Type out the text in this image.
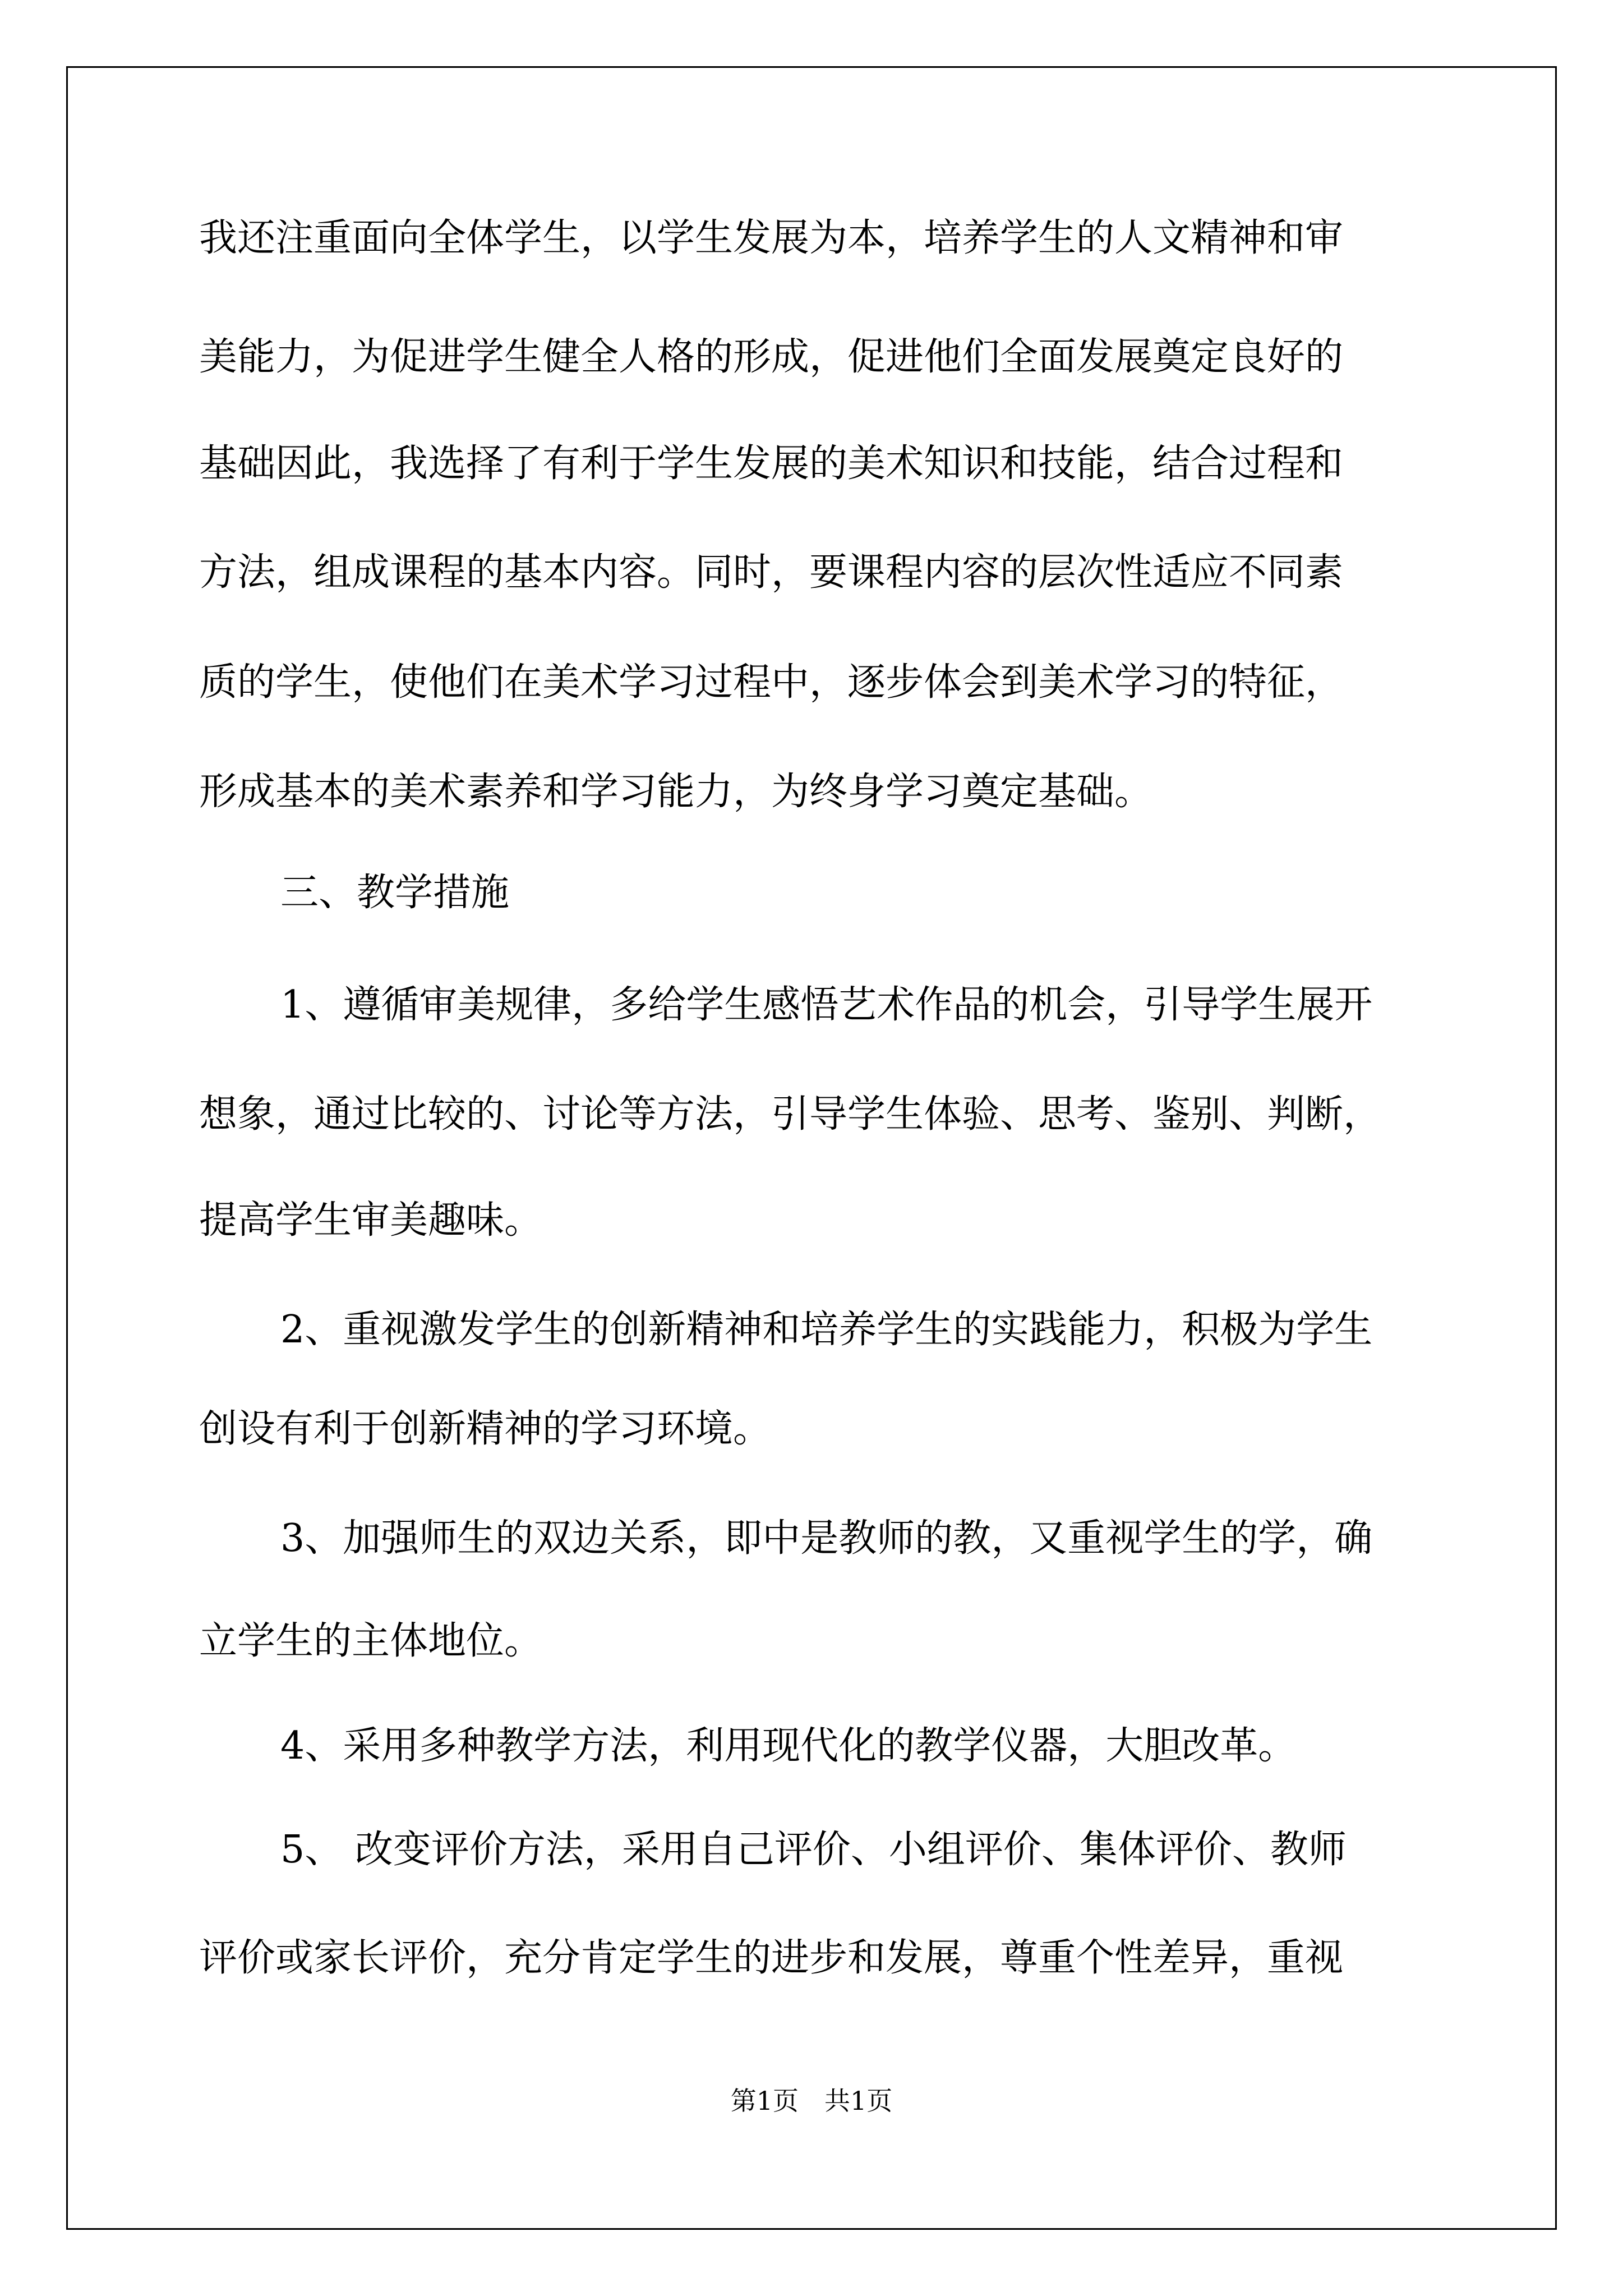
我还注重面向全体学生，以学生发展为本，培养学生的人文精神和审
美能力，为促进学生健全人格的形成，促进他们全面发展奠定良好的
基础因此，我选择了有利于学生发展的美术知识和技能，结合过程和
方法，组成课程的基本内容。同时，要课程内容的层次性适应不同素
质的学生，使他们在美术学习过程中，逐步体会到美术学习的特征，
形成基本的美术素养和学习能力，为终身学习奠定基础。
三、教学措施
1、遵循审美规律，多给学生感悟艺术作品的机会，引导学生展开
想象，通过比较的、讨论等方法，引导学生体验、思考、鉴别、判断，
提高学生审美趣味。
2、重视激发学生的创新精神和培养学生的实践能力，积极为学生
创设有利于创新精神的学习环境。
3、加强师生的双边关系，即中是教师的教，又重视学生的学，确
立学生的主体地位。
4、采用多种教学方法，利用现代化的教学仪器，大胆改革。
5、 改变评价方法，采用自己评价、小组评价、集体评价、教师
评价或家长评价，充分肯定学生的进步和发展，尊重个性差异，重视
第1页　共1页
